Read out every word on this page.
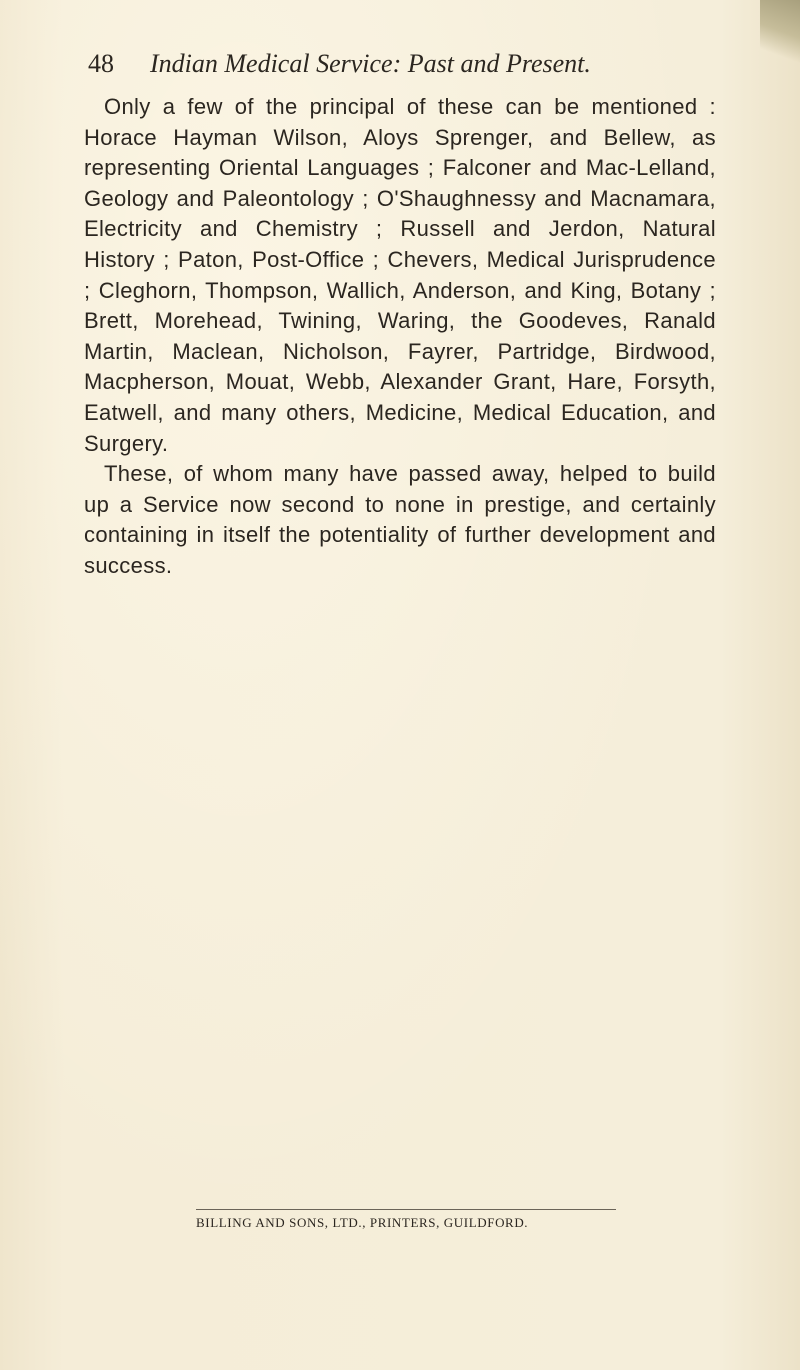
48 Indian Medical Service: Past and Present.

Only a few of the principal of these can be mentioned : Horace Hayman Wilson, Aloys Sprenger, and Bellew, as representing Oriental Languages ; Falconer and Mac-Lelland, Geology and Paleontology ; O'Shaughnessy and Macnamara, Electricity and Chemistry ; Russell and Jerdon, Natural History ; Paton, Post-Office ; Chevers, Medical Jurisprudence ; Cleghorn, Thompson, Wallich, Anderson, and King, Botany ; Brett, Morehead, Twining, Waring, the Goodeves, Ranald Martin, Maclean, Nicholson, Fayrer, Partridge, Birdwood, Macpherson, Mouat, Webb, Alexander Grant, Hare, Forsyth, Eatwell, and many others, Medicine, Medical Education, and Surgery.

These, of whom many have passed away, helped to build up a Service now second to none in prestige, and certainly containing in itself the potentiality of further development and success.

BILLING AND SONS, LTD., PRINTERS, GUILDFORD.
